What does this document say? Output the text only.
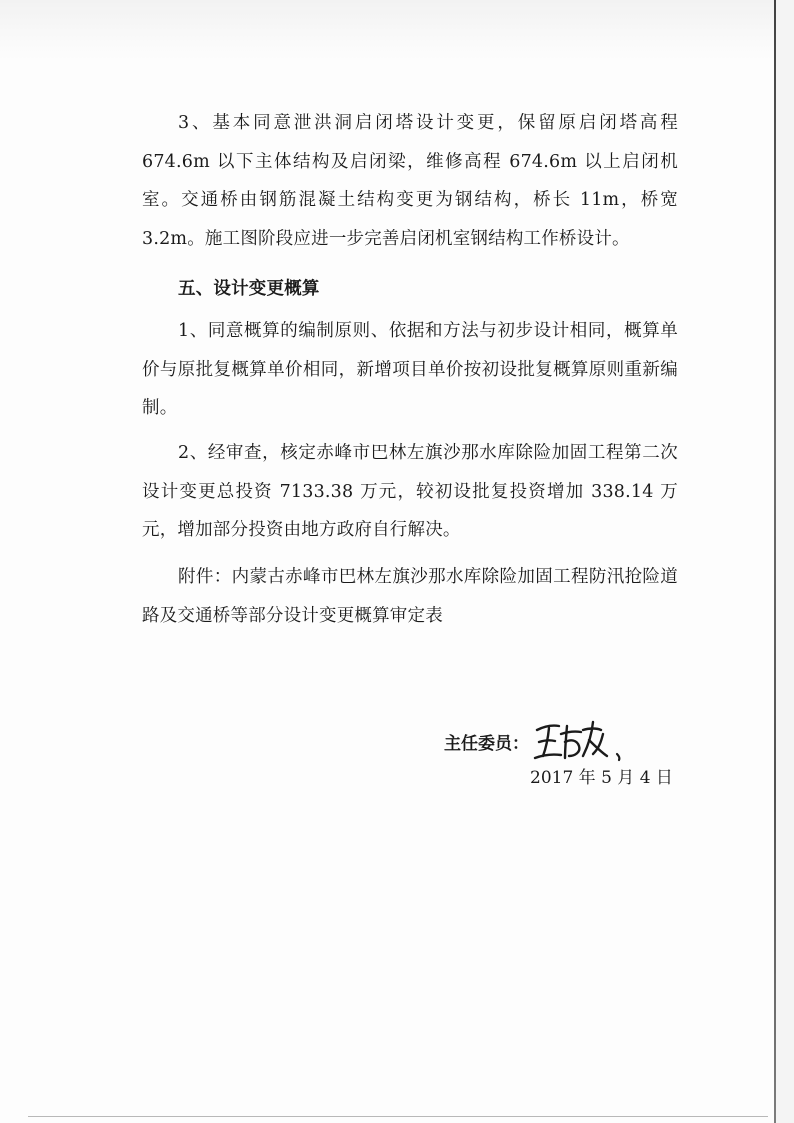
3、基本同意泄洪洞启闭塔设计变更，保留原启闭塔高程 674.6m 以下主体结构及启闭梁，维修高程 674.6m 以上启闭机室。交通桥由钢筋混凝土结构变更为钢结构，桥长 11m，桥宽 3.2m。施工图阶段应进一步完善启闭机室钢结构工作桥设计。

五、设计变更概算

1、同意概算的编制原则、依据和方法与初步设计相同，概算单价与原批复概算单价相同，新增项目单价按初设批复概算原则重新编制。

2、经审查，核定赤峰市巴林左旗沙那水库除险加固工程第二次设计变更总投资 7133.38 万元，较初设批复投资增加 338.14 万元，增加部分投资由地方政府自行解决。

附件：内蒙古赤峰市巴林左旗沙那水库除险加固工程防汛抢险道路及交通桥等部分设计变更概算审定表

主任委员：
2017 年 5 月 4 日
